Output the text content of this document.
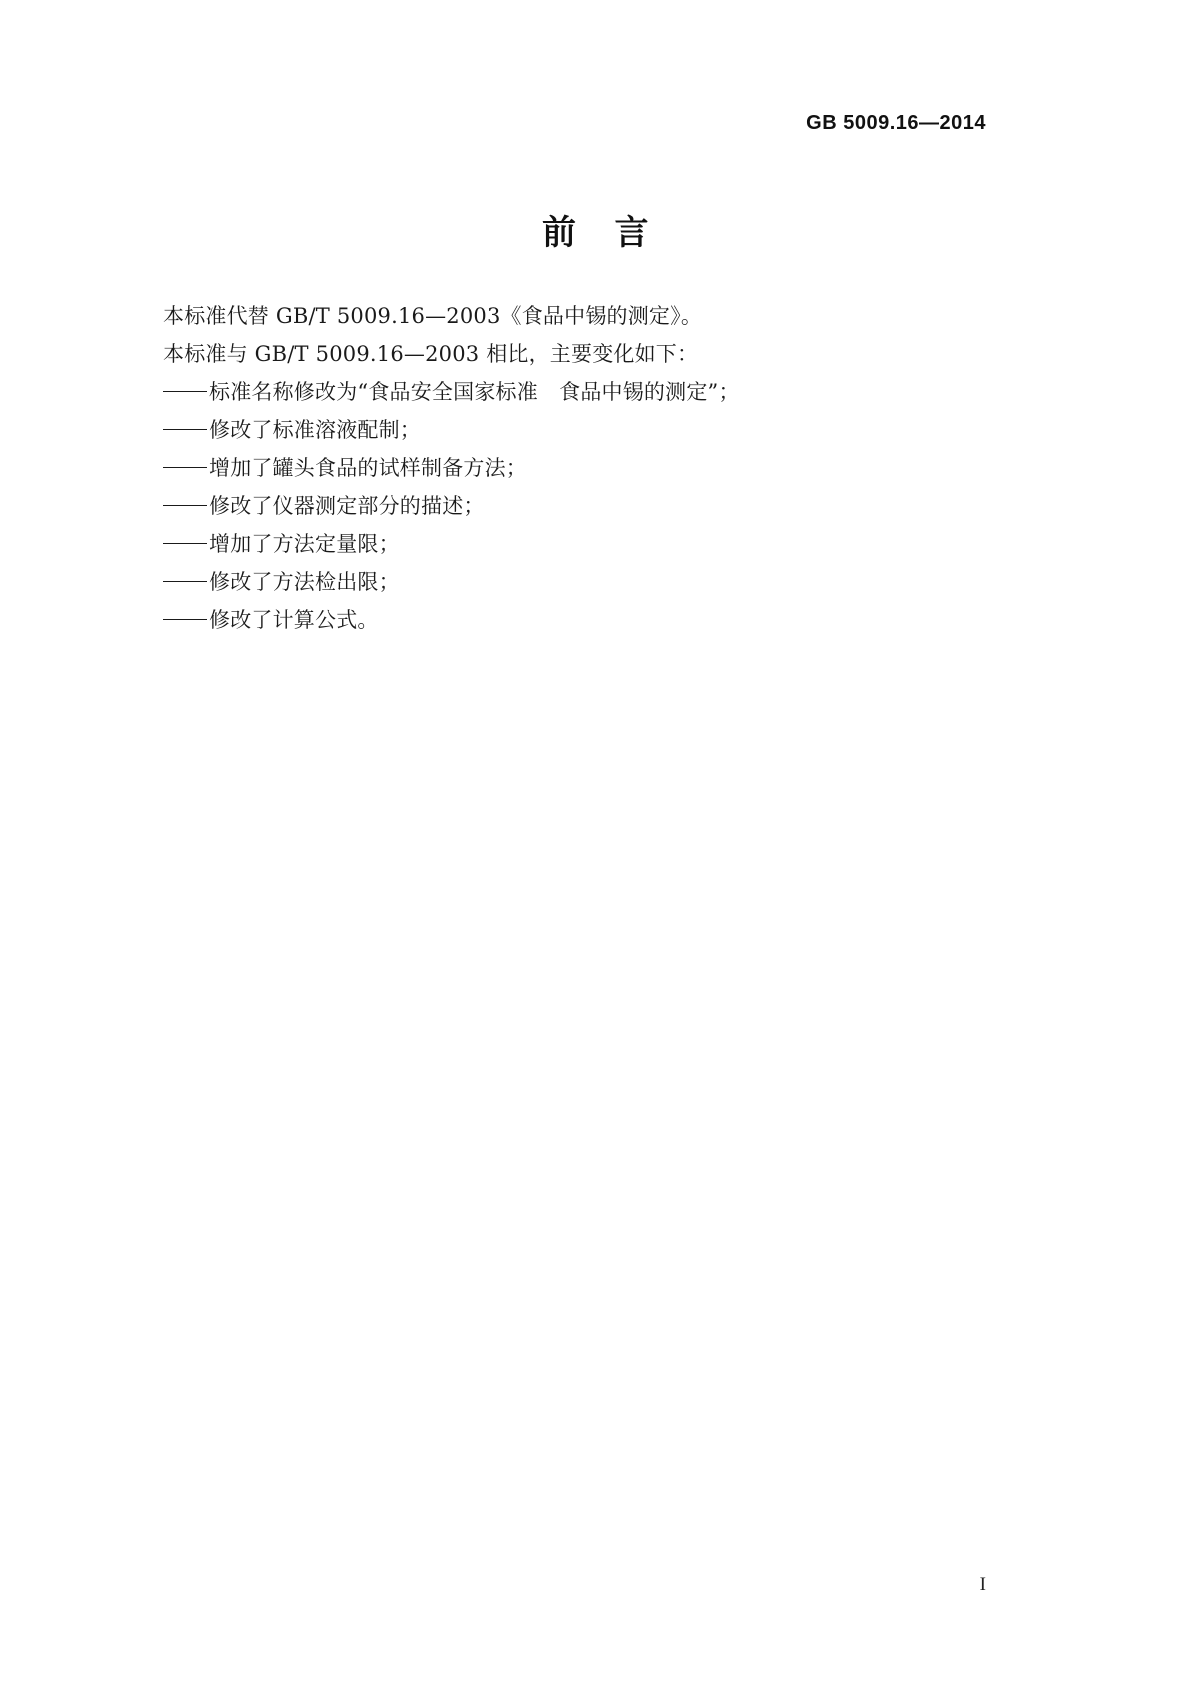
GB 5009.16—2014
前 言

本标准代替 GB/T 5009.16—2003《食品中锡的测定》。

本标准与 GB/T 5009.16—2003 相比，主要变化如下：

标准名称修改为“食品安全国家标准　食品中锡的测定”；
修改了标准溶液配制；
增加了罐头食品的试样制备方法；
修改了仪器测定部分的描述；
增加了方法定量限；
修改了方法检出限；
修改了计算公式。
I
